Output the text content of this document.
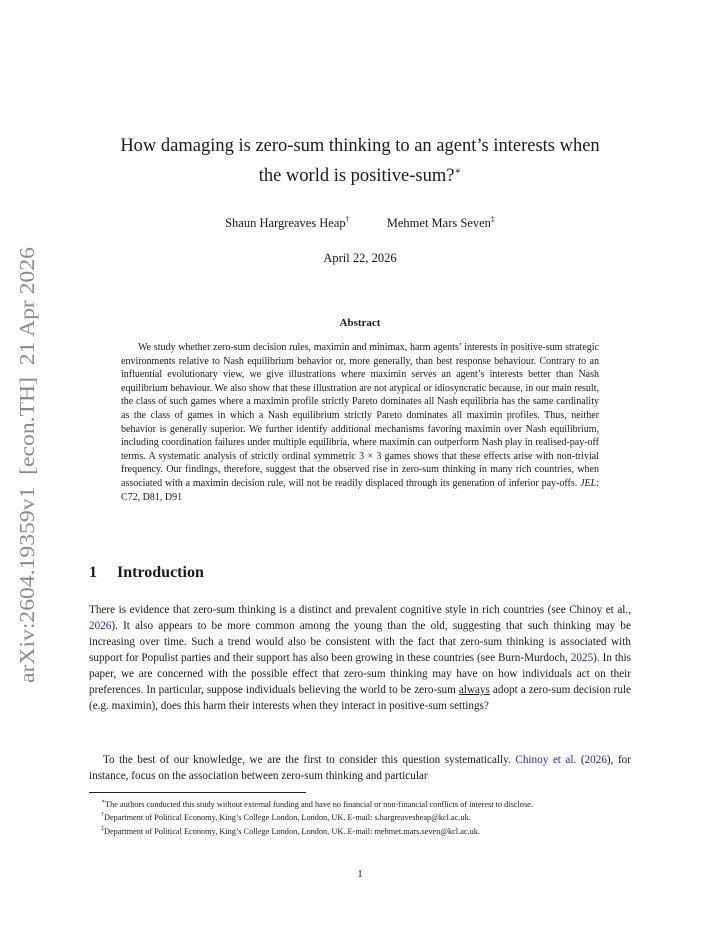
arXiv:2604.19359v1  [econ.TH]  21 Apr 2026
How damaging is zero-sum thinking to an agent’s interests when
the world is positive-sum?∗
Shaun Hargreaves Heap†	Mehmet Mars Seven‡
April 22, 2026
Abstract

We study whether zero-sum decision rules, maximin and minimax, harm agents’ interests in positive-sum strategic environments relative to Nash equilibrium behavior or, more generally, than best response behaviour. Contrary to an influential evolutionary view, we give illustrations where maximin serves an agent’s interests better than Nash equilibrium behaviour. We also show that these illustration are not atypical or idiosyncratic because, in our main result, the class of such games where a maximin profile strictly Pareto dominates all Nash equilibria has the same cardinality as the class of games in which a Nash equilibrium strictly Pareto dominates all maximin profiles. Thus, neither behavior is generally superior. We further identify additional mechanisms favoring maximin over Nash equilibrium, including coordination failures under multiple equilibria, where maximin can outperform Nash play in realised-pay-off terms. A systematic analysis of strictly ordinal symmetric 3 × 3 games shows that these effects arise with non-trivial frequency. Our findings, therefore, suggest that the observed rise in zero-sum thinking in many rich countries, when associated with a maximin decision rule, will not be readily displaced through its generation of inferior pay-offs. JEL: C72, D81, D91

1 Introduction

There is evidence that zero-sum thinking is a distinct and prevalent cognitive style in rich countries (see Chinoy et al., 2026). It also appears to be more common among the young than the old, suggesting that such thinking may be increasing over time. Such a trend would also be consistent with the fact that zero-sum thinking is associated with support for Populist parties and their support has also been growing in these countries (see Burn-Murdoch, 2025). In this paper, we are concerned with the possible effect that zero-sum thinking may have on how individuals act on their preferences. In particular, suppose individuals believing the world to be zero-sum always adopt a zero-sum decision rule (e.g. maximin), does this harm their interests when they interact in positive-sum settings?

To the best of our knowledge, we are the first to consider this question systematically. Chinoy et al. (2026), for instance, focus on the association between zero-sum thinking and particular

∗The authors conducted this study without external funding and have no financial or non-financial conflicts of interest to disclose.

†Department of Political Economy, King’s College London, London, UK. E-mail: s.hargreavesheap@kcl.ac.uk.

‡Department of Political Economy, King’s College London, London, UK. E-mail: mehmet.mars.seven@kcl.ac.uk.

1
